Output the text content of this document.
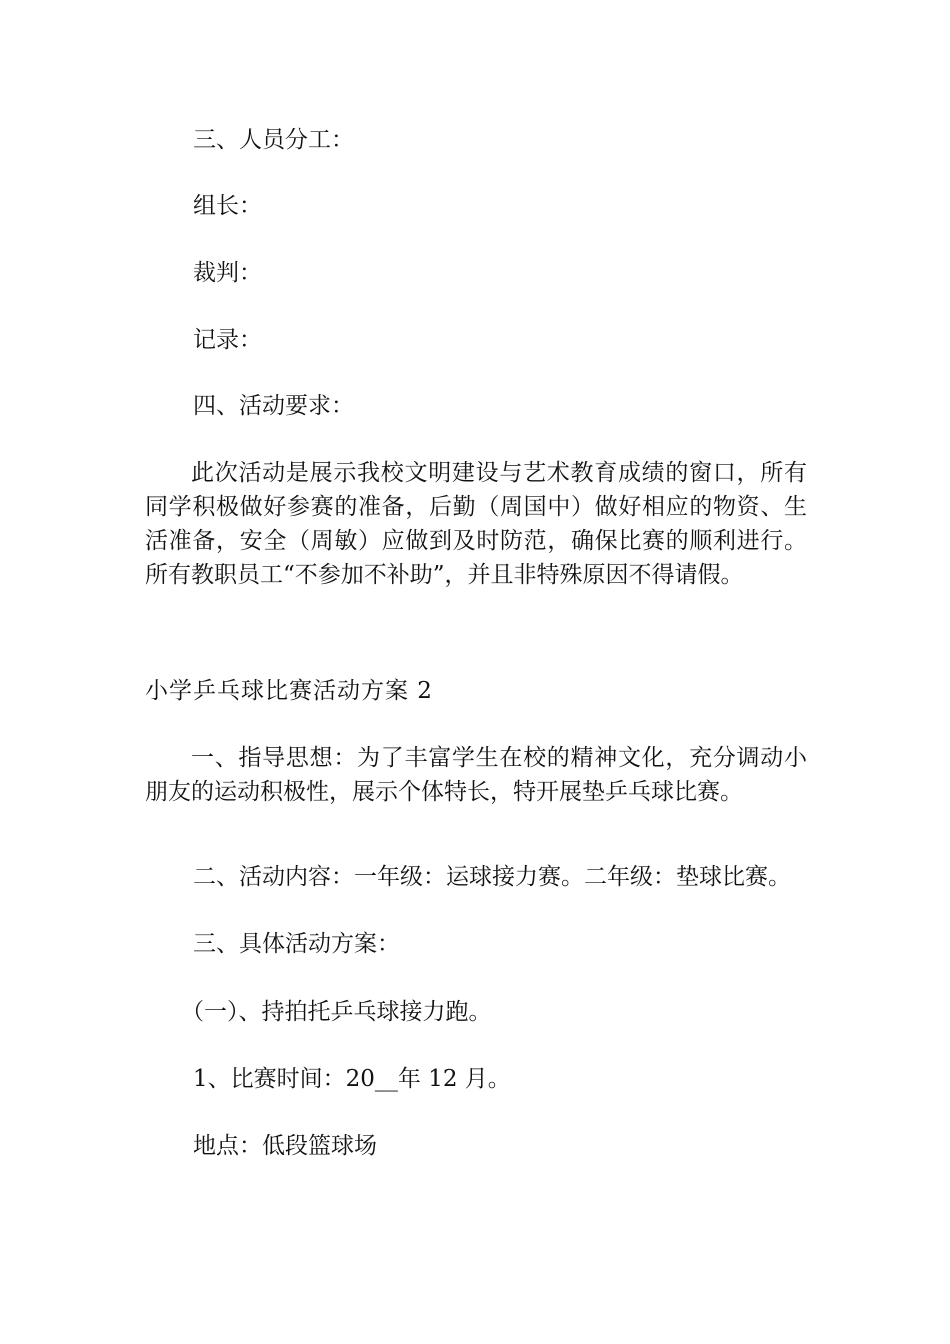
三、人员分工：
组长：
裁判：
记录：
四、活动要求：
此次活动是展示我校文明建设与艺术教育成绩的窗口，所有同学积极做好参赛的准备，后勤（周国中）做好相应的物资、生活准备，安全（周敏）应做到及时防范，确保比赛的顺利进行。所有教职员工“不参加不补助”，并且非特殊原因不得请假。
小学乒乓球比赛活动方案 2
一、指导思想：为了丰富学生在校的精神文化，充分调动小朋友的运动积极性，展示个体特长，特开展垫乒乓球比赛。
二、活动内容：一年级：运球接力赛。二年级：垫球比赛。
三、具体活动方案：
（一）、持拍托乒乓球接力跑。
1、比赛时间：20__年 12 月。
地点：低段篮球场
